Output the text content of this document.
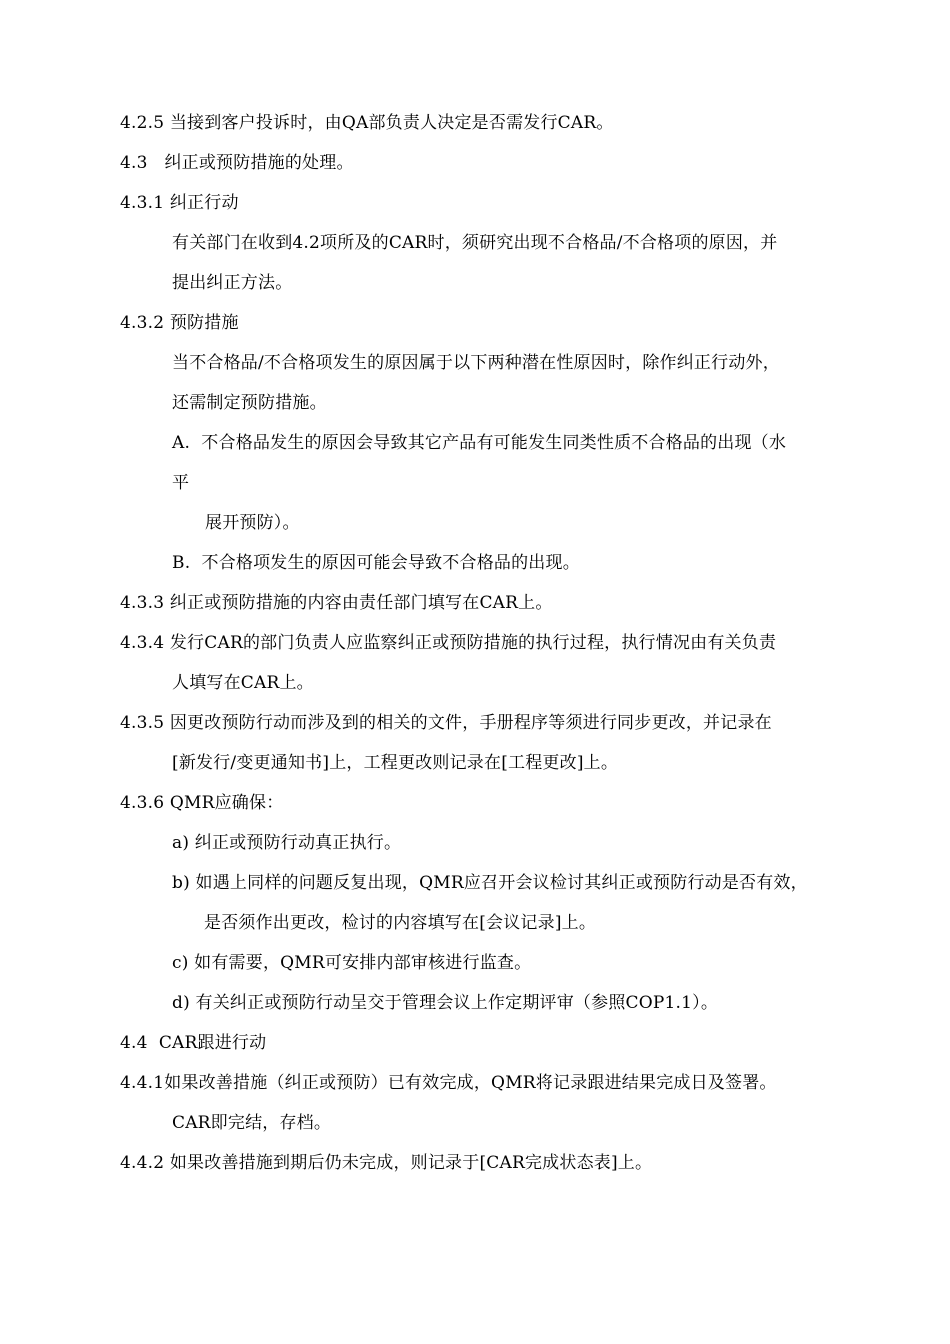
4.2.5 当接到客户投诉时，由QA部负责人决定是否需发行CAR。
4.3   纠正或预防措施的处理。
4.3.1 纠正行动
有关部门在收到4.2项所及的CAR时，须研究出现不合格品/不合格项的原因，并
提出纠正方法。
4.3.2 预防措施
当不合格品/不合格项发生的原因属于以下两种潜在性原因时，除作纠正行动外，
还需制定预防措施。
A.  不合格品发生的原因会导致其它产品有可能发生同类性质不合格品的出现（水
平
展开预防）。
B.  不合格项发生的原因可能会导致不合格品的出现。
4.3.3 纠正或预防措施的内容由责任部门填写在CAR上。
4.3.4 发行CAR的部门负责人应监察纠正或预防措施的执行过程，执行情况由有关负责
人填写在CAR上。
4.3.5 因更改预防行动而涉及到的相关的文件，手册程序等须进行同步更改，并记录在
[新发行/变更通知书]上，工程更改则记录在[工程更改]上。
4.3.6 QMR应确保：
a) 纠正或预防行动真正执行。
b) 如遇上同样的问题反复出现，QMR应召开会议检讨其纠正或预防行动是否有效，
是否须作出更改，检讨的内容填写在[会议记录]上。
c) 如有需要，QMR可安排内部审核进行监查。
d) 有关纠正或预防行动呈交于管理会议上作定期评审（参照COP1.1）。
4.4  CAR跟进行动
4.4.1如果改善措施（纠正或预防）已有效完成，QMR将记录跟进结果完成日及签署。
CAR即完结，存档。
4.4.2 如果改善措施到期后仍未完成，则记录于[CAR完成状态表]上。
